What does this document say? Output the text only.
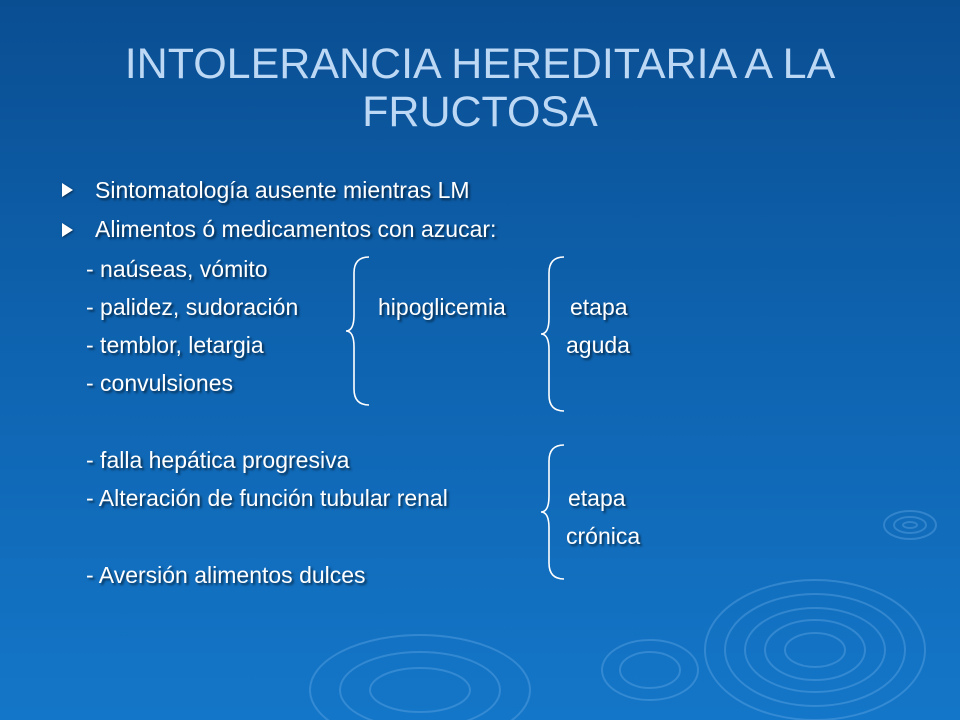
INTOLERANCIA HEREDITARIA A LA FRUCTOSA
Sintomatología ausente mientras LM
Alimentos ó medicamentos con azucar:
- naúseas, vómito
- palidez, sudoración
- temblor, letargia
- convulsiones
hipoglicemia	etapa
aguda
- falla hepática progresiva
- Alteración de función tubular renal
- Aversión alimentos dulces
etapa
crónica
